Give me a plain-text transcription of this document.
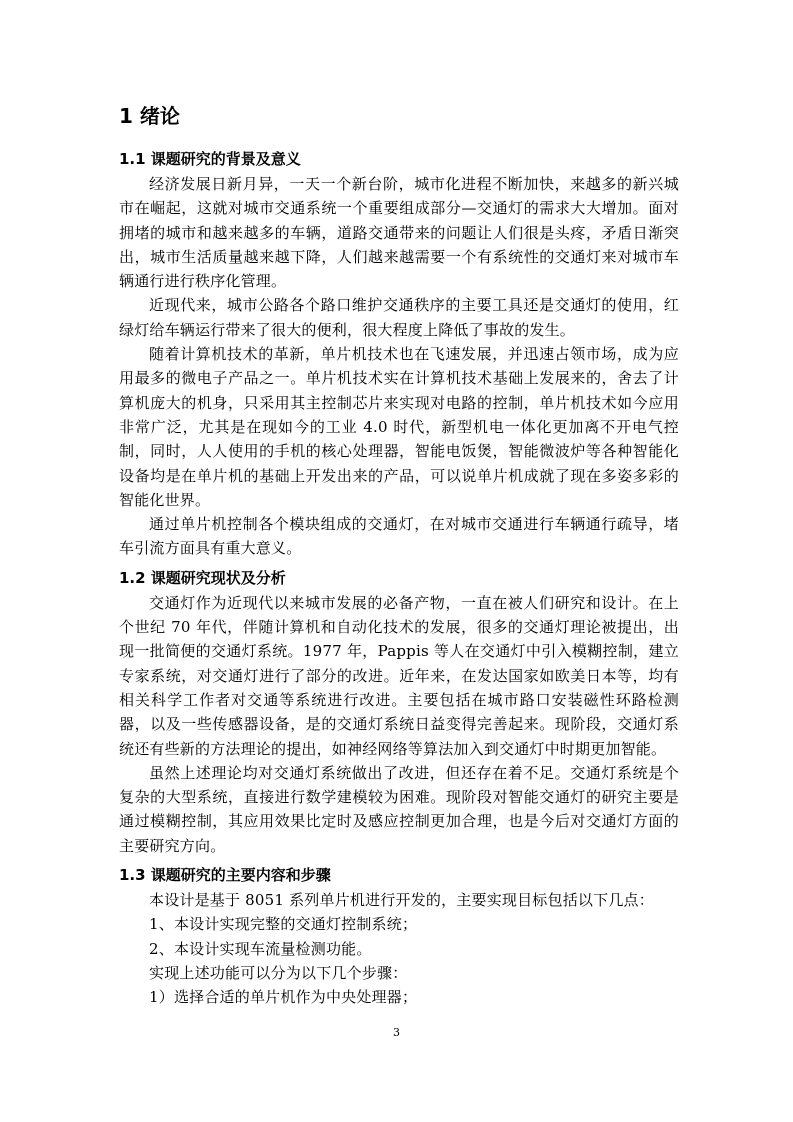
1 绪论
1.1 课题研究的背景及意义

经济发展日新月异，一天一个新台阶，城市化进程不断加快，来越多的新兴城市在崛起，这就对城市交通系统一个重要组成部分—交通灯的需求大大增加。面对拥堵的城市和越来越多的车辆，道路交通带来的问题让人们很是头疼，矛盾日渐突出，城市生活质量越来越下降，人们越来越需要一个有系统性的交通灯来对城市车辆通行进行秩序化管理。

近现代来，城市公路各个路口维护交通秩序的主要工具还是交通灯的使用，红绿灯给车辆运行带来了很大的便利，很大程度上降低了事故的发生。

随着计算机技术的革新，单片机技术也在飞速发展，并迅速占领市场，成为应用最多的微电子产品之一。单片机技术实在计算机技术基础上发展来的，舍去了计算机庞大的机身，只采用其主控制芯片来实现对电路的控制，单片机技术如今应用非常广泛，尤其是在现如今的工业 4.0 时代，新型机电一体化更加离不开电气控制，同时，人人使用的手机的核心处理器，智能电饭煲，智能微波炉等各种智能化设备均是在单片机的基础上开发出来的产品，可以说单片机成就了现在多姿多彩的智能化世界。

通过单片机控制各个模块组成的交通灯，在对城市交通进行车辆通行疏导，堵车引流方面具有重大意义。

1.2 课题研究现状及分析

交通灯作为近现代以来城市发展的必备产物，一直在被人们研究和设计。在上个世纪 70 年代，伴随计算机和自动化技术的发展，很多的交通灯理论被提出，出现一批简便的交通灯系统。1977 年，Pappis 等人在交通灯中引入模糊控制，建立专家系统，对交通灯进行了部分的改进。近年来，在发达国家如欧美日本等，均有相关科学工作者对交通等系统进行改进。主要包括在城市路口安装磁性环路检测器，以及一些传感器设备，是的交通灯系统日益变得完善起来。现阶段，交通灯系统还有些新的方法理论的提出，如神经网络等算法加入到交通灯中时期更加智能。

虽然上述理论均对交通灯系统做出了改进，但还存在着不足。交通灯系统是个复杂的大型系统，直接进行数学建模较为困难。现阶段对智能交通灯的研究主要是通过模糊控制，其应用效果比定时及感应控制更加合理，也是今后对交通灯方面的主要研究方向。

1.3 课题研究的主要内容和步骤

本设计是基于 8051 系列单片机进行开发的，主要实现目标包括以下几点：

1、本设计实现完整的交通灯控制系统；

2、本设计实现车流量检测功能。

实现上述功能可以分为以下几个步骤：

1）选择合适的单片机作为中央处理器；

3
